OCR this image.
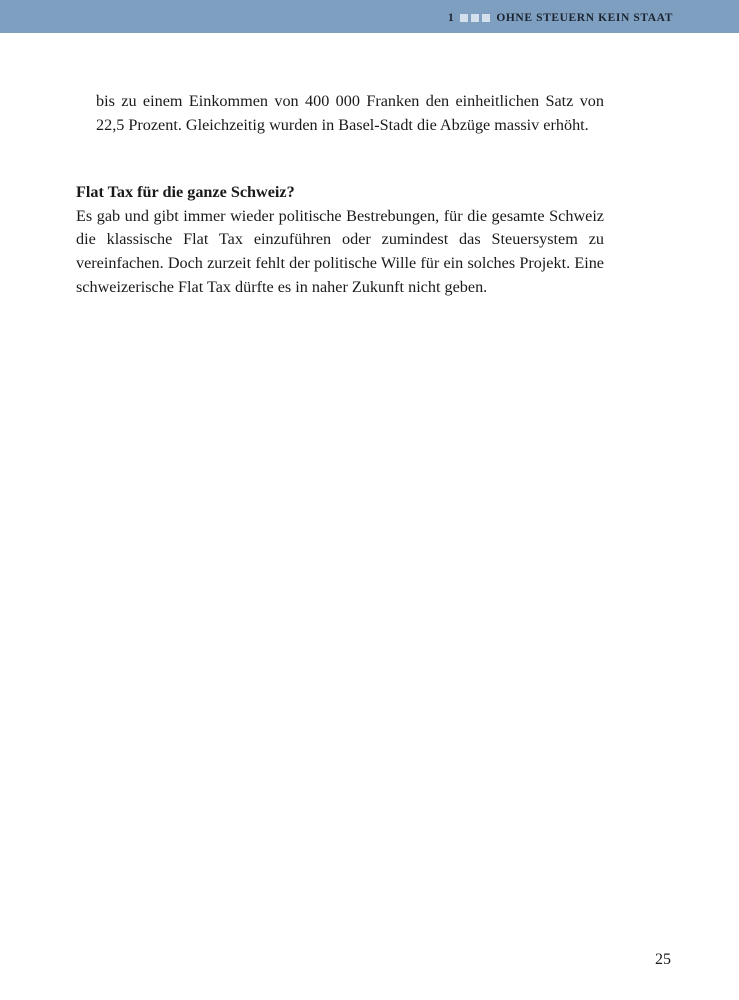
1	OHNE STEUERN KEIN STAAT

bis zu einem Einkommen von 400 000 Franken den einheitlichen Satz von 22,5 Prozent. Gleichzeitig wurden in Basel-Stadt die Abzüge massiv erhöht.

Flat Tax für die ganze Schweiz?

Es gab und gibt immer wieder politische Bestrebungen, für die gesamte Schweiz die klassische Flat Tax einzuführen oder zumindest das Steuersystem zu vereinfachen. Doch zurzeit fehlt der politische Wille für ein solches Projekt. Eine schweizerische Flat Tax dürfte es in naher Zukunft nicht geben.

25
